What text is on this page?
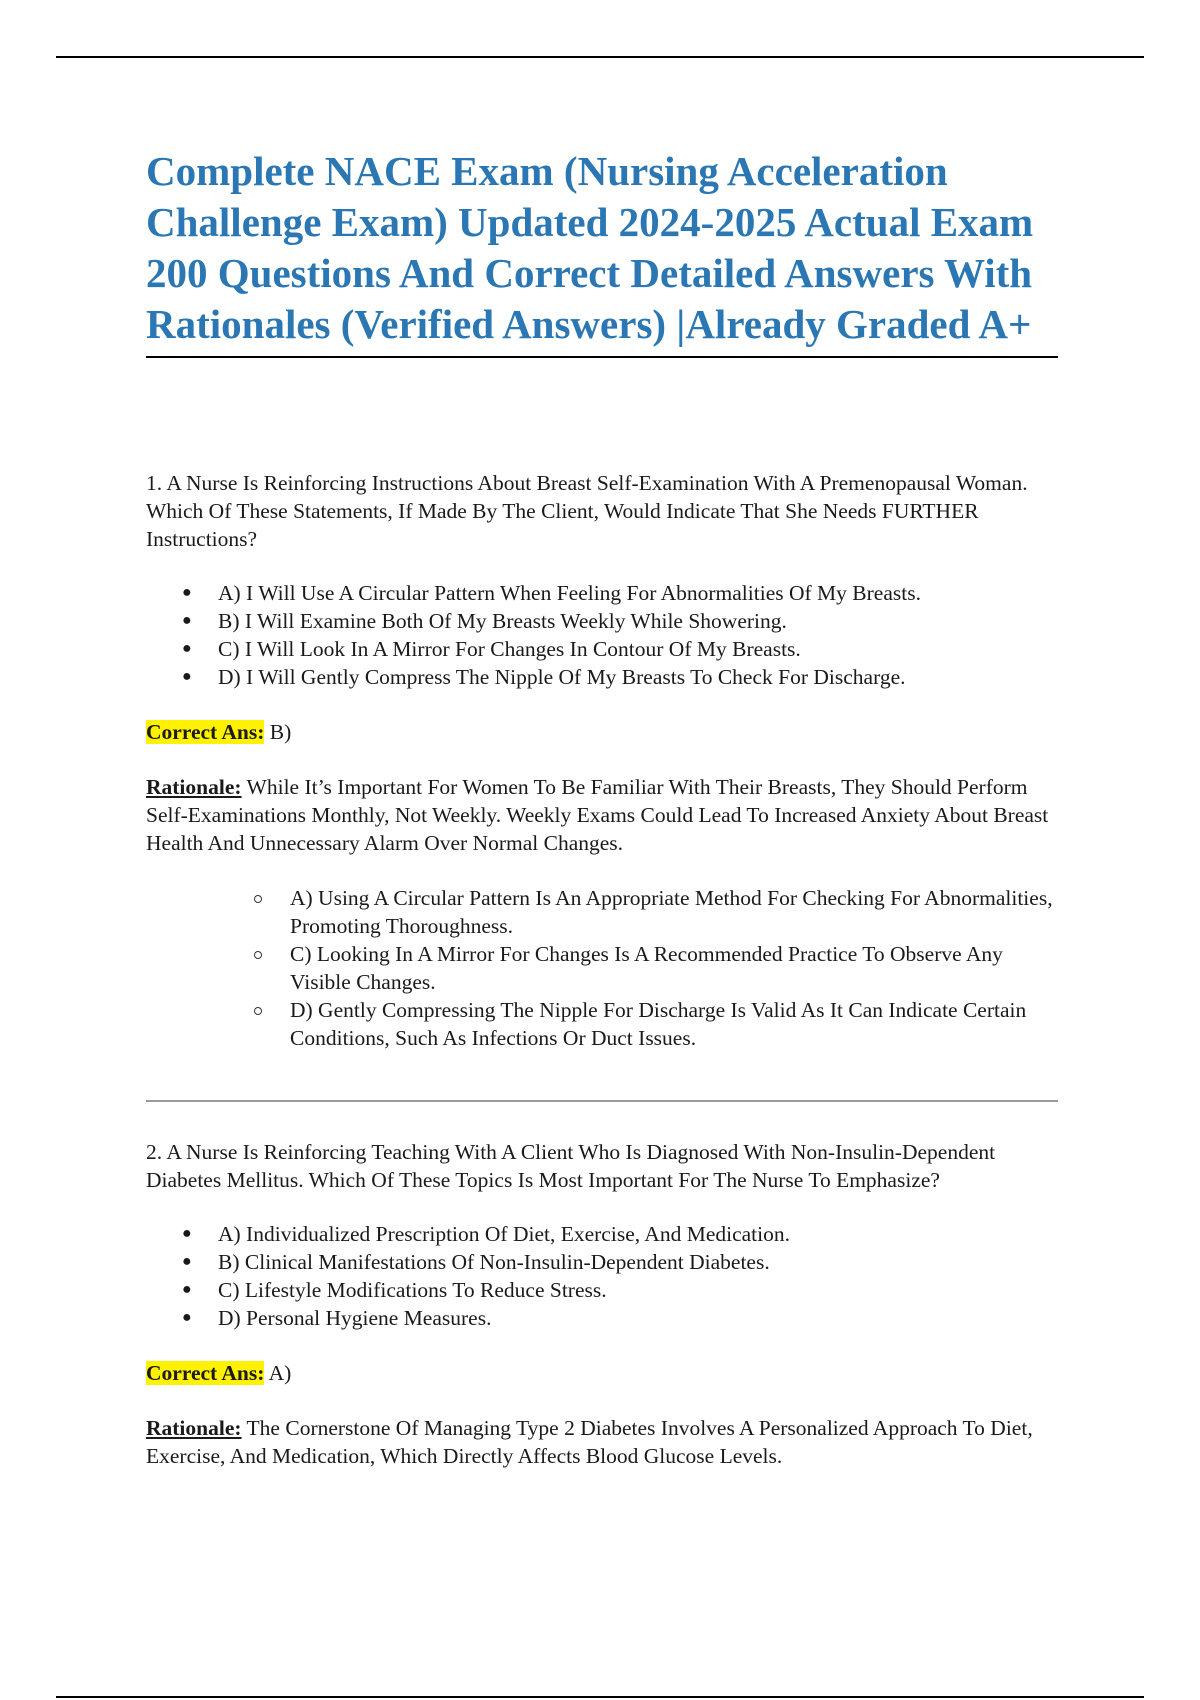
Complete NACE Exam (Nursing Acceleration Challenge Exam) Updated 2024-2025 Actual Exam 200 Questions And Correct Detailed Answers With Rationales (Verified Answers) |Already Graded A+

1. A Nurse Is Reinforcing Instructions About Breast Self-Examination With A Premenopausal Woman. Which Of These Statements, If Made By The Client, Would Indicate That She Needs FURTHER Instructions?

● A) I Will Use A Circular Pattern When Feeling For Abnormalities Of My Breasts.
● B) I Will Examine Both Of My Breasts Weekly While Showering.
● C) I Will Look In A Mirror For Changes In Contour Of My Breasts.
● D) I Will Gently Compress The Nipple Of My Breasts To Check For Discharge.

Correct Ans: B)

Rationale: While It’s Important For Women To Be Familiar With Their Breasts, They Should Perform Self-Examinations Monthly, Not Weekly. Weekly Exams Could Lead To Increased Anxiety About Breast Health And Unnecessary Alarm Over Normal Changes.

A) Using A Circular Pattern Is An Appropriate Method For Checking For Abnormalities, Promoting Thoroughness.
C) Looking In A Mirror For Changes Is A Recommended Practice To Observe Any Visible Changes.
D) Gently Compressing The Nipple For Discharge Is Valid As It Can Indicate Certain Conditions, Such As Infections Or Duct Issues.

2. A Nurse Is Reinforcing Teaching With A Client Who Is Diagnosed With Non-Insulin-Dependent Diabetes Mellitus. Which Of These Topics Is Most Important For The Nurse To Emphasize?

● A) Individualized Prescription Of Diet, Exercise, And Medication.
● B) Clinical Manifestations Of Non-Insulin-Dependent Diabetes.
● C) Lifestyle Modifications To Reduce Stress.
● D) Personal Hygiene Measures.

Correct Ans: A)

Rationale: The Cornerstone Of Managing Type 2 Diabetes Involves A Personalized Approach To Diet, Exercise, And Medication, Which Directly Affects Blood Glucose Levels.
